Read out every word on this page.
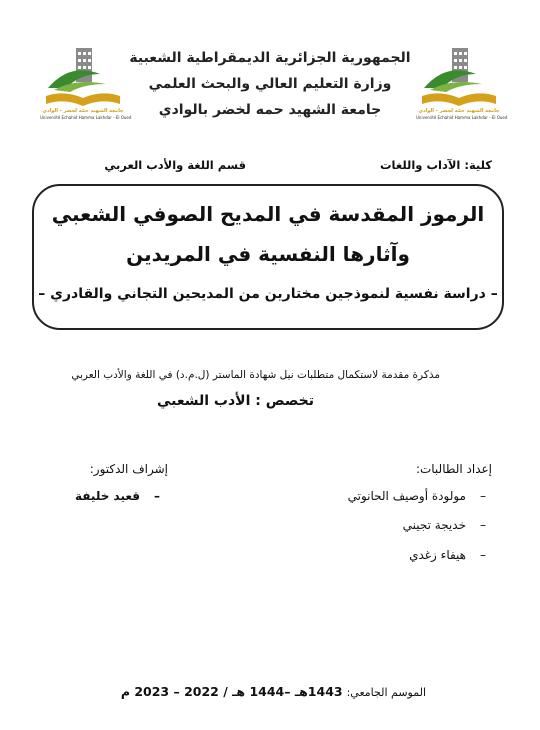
جامعة الشهيد حمّه لخضر - الوادي
Université Echahid Hamma Lakhdar - El Oued
جامعة الشهيد حمّه لخضر - الوادي
Université Echahid Hamma Lakhdar - El Oued
الجمهورية الجزائرية الديمقراطية الشعبية
وزارة التعليم العالي والبحث العلمي
جامعة الشهيد حمه لخضر بالوادي
كلية: الآداب واللغات
قسم اللغة والأدب العربي
الرموز المقدسة في المديح الصوفي الشعبي
وآثارها النفسية في المريدين
– دراسة نفسية لنموذجين مختارين من المديحين التجاني والقادري –
مذكرة مقدمة لاستكمال متطلبات نيل شهادة الماستر (ل.م.د) في اللغة والأدب العربي
تخصص : الأدب الشعبي
إعداد الطالبات:
–مولودة أوصيف الحانوتي
–خديجة تجيني
–هيفاء زغدي
إشراف الدكتور:
–قعيد خليفة
الموسم الجامعي: 1443هـ –1444 هـ / 2022 – 2023 م
